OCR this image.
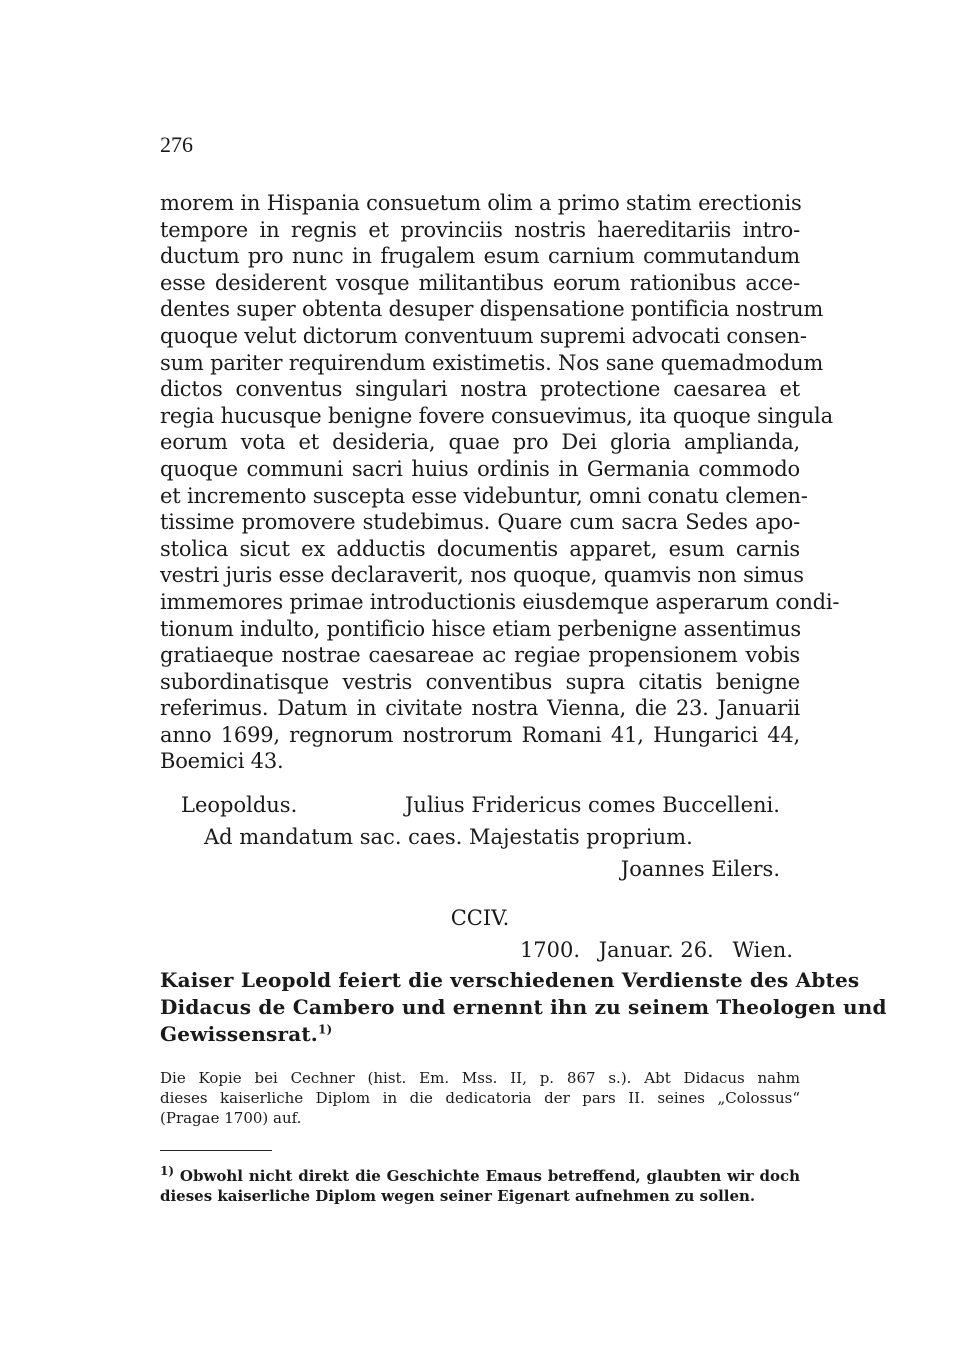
276
morem in Hispania consuetum olim a primo statim erectionis
tempore in regnis et provinciis nostris haereditariis intro-
ductum pro nunc in frugalem esum carnium commutandum
esse desiderent vosque militantibus eorum rationibus acce-
dentes super obtenta desuper dispensatione pontificia nostrum
quoque velut dictorum conventuum supremi advocati consen-
sum pariter requirendum existimetis. Nos sane quemadmodum
dictos conventus singulari nostra protectione caesarea et
regia hucusque benigne fovere consuevimus, ita quoque singula
eorum vota et desideria, quae pro Dei gloria amplianda,
quoque communi sacri huius ordinis in Germania commodo
et incremento suscepta esse videbuntur, omni conatu clemen-
tissime promovere studebimus. Quare cum sacra Sedes apo-
stolica sicut ex adductis documentis apparet, esum carnis
vestri juris esse declaraverit, nos quoque, quamvis non simus
immemores primae introductionis eiusdemque asperarum condi-
tionum indulto, pontificio hisce etiam perbenigne assentimus
gratiaeque nostrae caesareae ac regiae propensionem vobis
subordinatisque vestris conventibus supra citatis benigne
referimus. Datum in civitate nostra Vienna, die 23. Januarii
anno 1699, regnorum nostrorum Romani 41, Hungarici 44,
Boemici 43.
Leopoldus.	Julius Fridericus comes Buccelleni.
Ad mandatum sac. caes. Majestatis proprium.
Joannes Eilers.
CCIV.
1700. Januar. 26. Wien.
Kaiser Leopold feiert die verschiedenen Verdienste des Abtes
Didacus de Cambero und ernennt ihn zu seinem Theologen und
Gewissensrat.$^{1)}$
Die Kopie bei Cechner (hist. Em. Mss. II, p. 867 s.). Abt Didacus nahm
dieses kaiserliche Diplom in die dedicatoria der pars II. seines „Colossus“
(Pragae 1700) auf.
$^{1)}$ Obwohl nicht direkt die Geschichte Emaus betreffend, glaubten wir doch
dieses kaiserliche Diplom wegen seiner Eigenart aufnehmen zu sollen.
